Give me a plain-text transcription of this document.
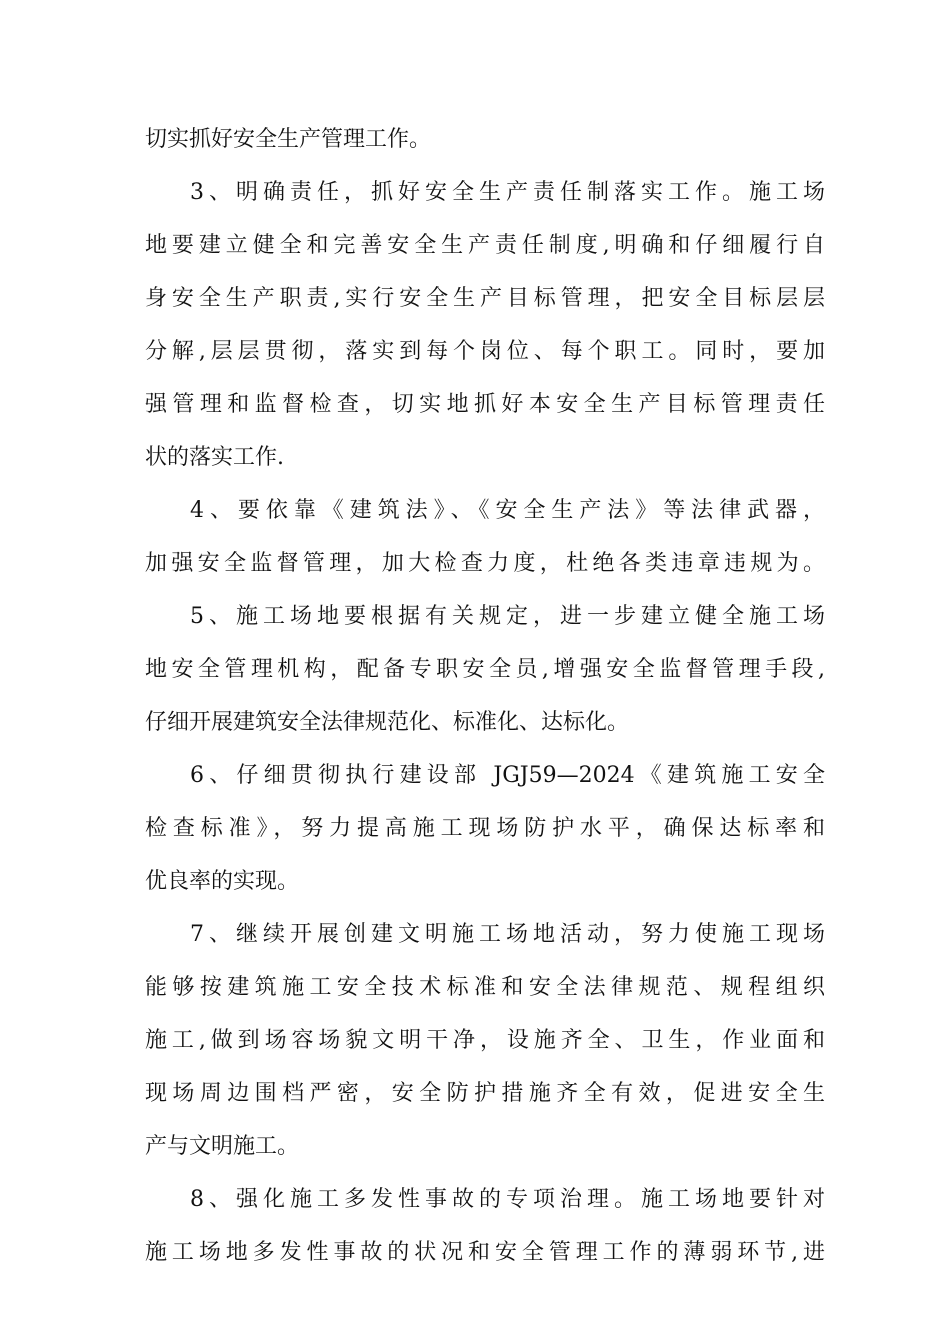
切实抓好安全生产管理工作。
3、明确责任，抓好安全生产责任制落实工作。施工场
地要建立健全和完善安全生产责任制度,明确和仔细履行自
身安全生产职责,实行安全生产目标管理，把安全目标层层
分解,层层贯彻，落实到每个岗位、每个职工。同时，要加
强管理和监督检查，切实地抓好本安全生产目标管理责任
状的落实工作.
4、要依靠《建筑法》、《安全生产法》等法律武器，
加强安全监督管理，加大检查力度，杜绝各类违章违规为。
5、施工场地要根据有关规定，进一步建立健全施工场
地安全管理机构，配备专职安全员,增强安全监督管理手段,
仔细开展建筑安全法律规范化、标准化、达标化。
6、仔细贯彻执行建设部 JGJ59—2024《建筑施工安全
检查标准》，努力提高施工现场防护水平，确保达标率和
优良率的实现。
7、继续开展创建文明施工场地活动，努力使施工现场
能够按建筑施工安全技术标准和安全法律规范、规程组织
施工,做到场容场貌文明干净，设施齐全、卫生，作业面和
现场周边围档严密，安全防护措施齐全有效，促进安全生
产与文明施工。
8、强化施工多发性事故的专项治理。施工场地要针对
施工场地多发性事故的状况和安全管理工作的薄弱环节,进
